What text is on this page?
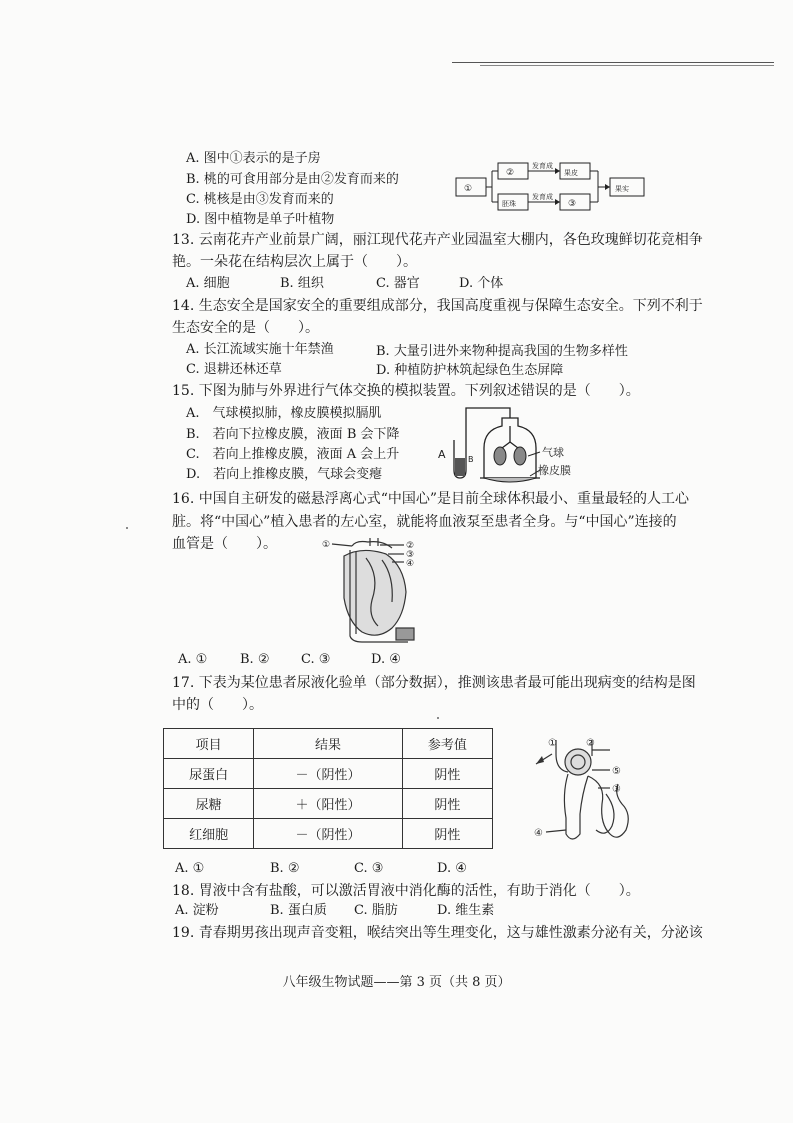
A. 图中①表示的是子房
B. 桃的可食用部分是由②发育而来的
C. 桃核是由③发育而来的
D. 图中植物是单子叶植物
①
②
胚珠
发育成
发育成
果皮
③
果实
13. 云南花卉产业前景广阔，丽江现代花卉产业园温室大棚内，各色玫瑰鲜切花竞相争
艳。一朵花在结构层次上属于（　　）。
A. 细胞	B. 组织	C. 器官	D. 个体
14. 生态安全是国家安全的重要组成部分，我国高度重视与保障生态安全。下列不利于
生态安全的是（　　）。
A. 长江流域实施十年禁渔	B. 大量引进外来物种提高我国的生物多样性
C. 退耕还林还草	D. 种植防护林筑起绿色生态屏障
15. 下图为肺与外界进行气体交换的模拟装置。下列叙述错误的是（　　）。
A.　气球模拟肺，橡皮膜模拟膈肌
B.　若向下拉橡皮膜，液面 B 会下降
C.　若向上推橡皮膜，液面 A 会上升
D.　若向上推橡皮膜，气球会变瘪
A	B
气球
橡皮膜
16. 中国自主研发的磁悬浮离心式“中国心”是目前全球体积最小、重量最轻的人工心
脏。将“中国心”植入患者的左心室，就能将血液泵至患者全身。与“中国心”连接的
血管是（　　）。	①	②
③
④
A. ①	B. ② C. ③	D. ④
17. 下表为某位患者尿液化验单（部分数据），推测该患者最可能出现病变的结构是图
中的（　　）。
项目	结果	参考值
尿蛋白	－（阴性）	阴性
尿糖	＋（阳性）	阴性
红细胞	－（阴性）	阴性
①	②
⑤
③
④
A. ①	B. ②	C. ③	D. ④
18. 胃液中含有盐酸，可以激活胃液中消化酶的活性，有助于消化（　　）。
A. 淀粉	B. 蛋白质 C. 脂肪	D. 维生素
19. 青春期男孩出现声音变粗，喉结突出等生理变化，这与雄性激素分泌有关，分泌该
八年级生物试题——第 3 页（共 8 页）
